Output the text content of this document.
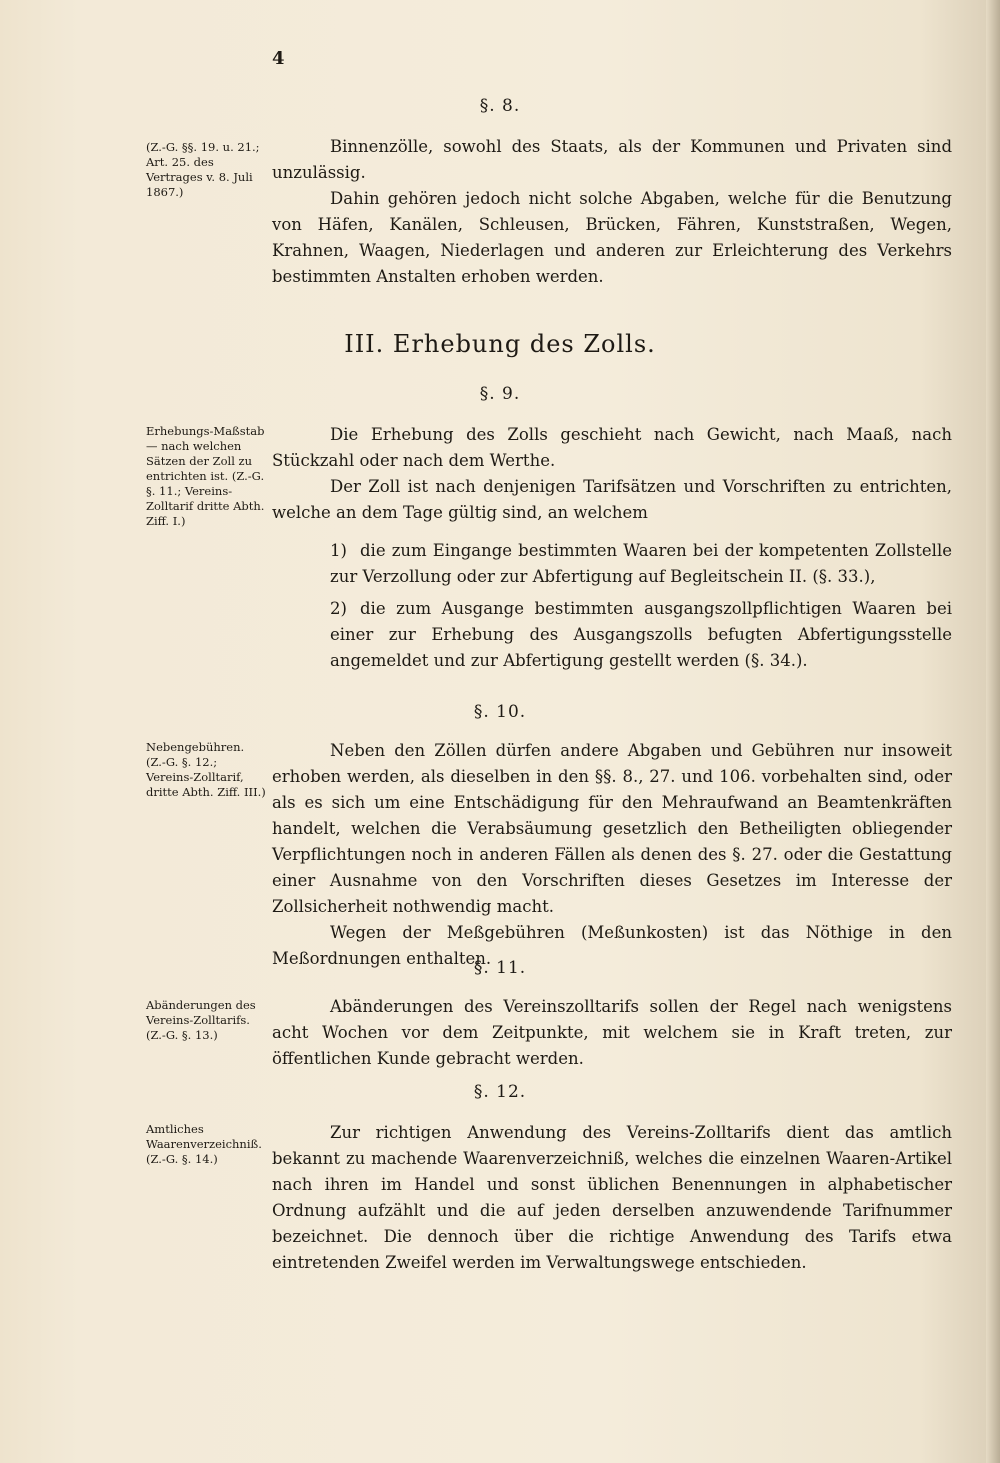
4
§. 8.
(Z.-G. §§. 19. u. 21.; Art. 25. des Vertrages v. 8. Juli 1867.)

Binnenzölle, sowohl des Staats, als der Kommunen und Privaten sind unzulässig.

Dahin gehören jedoch nicht solche Abgaben, welche für die Benutzung von Häfen, Kanälen, Schleusen, Brücken, Fähren, Kunststraßen, Wegen, Krahnen, Waagen, Niederlagen und anderen zur Erleichterung des Verkehrs bestimmten Anstalten erhoben werden.

III. Erhebung des Zolls.
§. 9.
Erhebungs-Maßstab — nach welchen Sätzen der Zoll zu entrichten ist. (Z.-G. §. 11.; Vereins-Zolltarif dritte Abth. Ziff. I.)

Die Erhebung des Zolls geschieht nach Gewicht, nach Maaß, nach Stückzahl oder nach dem Werthe.

Der Zoll ist nach denjenigen Tarifsätzen und Vorschriften zu entrichten, welche an dem Tage gültig sind, an welchem

1) die zum Eingange bestimmten Waaren bei der kompetenten Zollstelle zur Verzollung oder zur Abfertigung auf Begleitschein II. (§. 33.),
2) die zum Ausgange bestimmten ausgangszollpflichtigen Waaren bei einer zur Erhebung des Ausgangszolls befugten Abfertigungsstelle angemeldet und zur Abfertigung gestellt werden (§. 34.).
§. 10.
Nebengebühren. (Z.-G. §. 12.; Vereins-Zolltarif, dritte Abth. Ziff. III.)

Neben den Zöllen dürfen andere Abgaben und Gebühren nur insoweit erhoben werden, als dieselben in den §§. 8., 27. und 106. vorbehalten sind, oder als es sich um eine Entschädigung für den Mehraufwand an Beamtenkräften handelt, welchen die Verabsäumung gesetzlich den Betheiligten obliegender Verpflichtungen noch in anderen Fällen als denen des §. 27. oder die Gestattung einer Ausnahme von den Vorschriften dieses Gesetzes im Interesse der Zollsicherheit nothwendig macht.

Wegen der Meßgebühren (Meßunkosten) ist das Nöthige in den Meßordnungen enthalten.

§. 11.
Abänderungen des Vereins-Zolltarifs. (Z.-G. §. 13.)

Abänderungen des Vereinszolltarifs sollen der Regel nach wenigstens acht Wochen vor dem Zeitpunkte, mit welchem sie in Kraft treten, zur öffentlichen Kunde gebracht werden.

§. 12.
Amtliches Waarenverzeichniß. (Z.-G. §. 14.)

Zur richtigen Anwendung des Vereins-Zolltarifs dient das amtlich bekannt zu machende Waarenverzeichniß, welches die einzelnen Waaren-Artikel nach ihren im Handel und sonst üblichen Benennungen in alphabetischer Ordnung aufzählt und die auf jeden derselben anzuwendende Tarifnummer bezeichnet. Die dennoch über die richtige Anwendung des Tarifs etwa eintretenden Zweifel werden im Verwaltungswege entschieden.
